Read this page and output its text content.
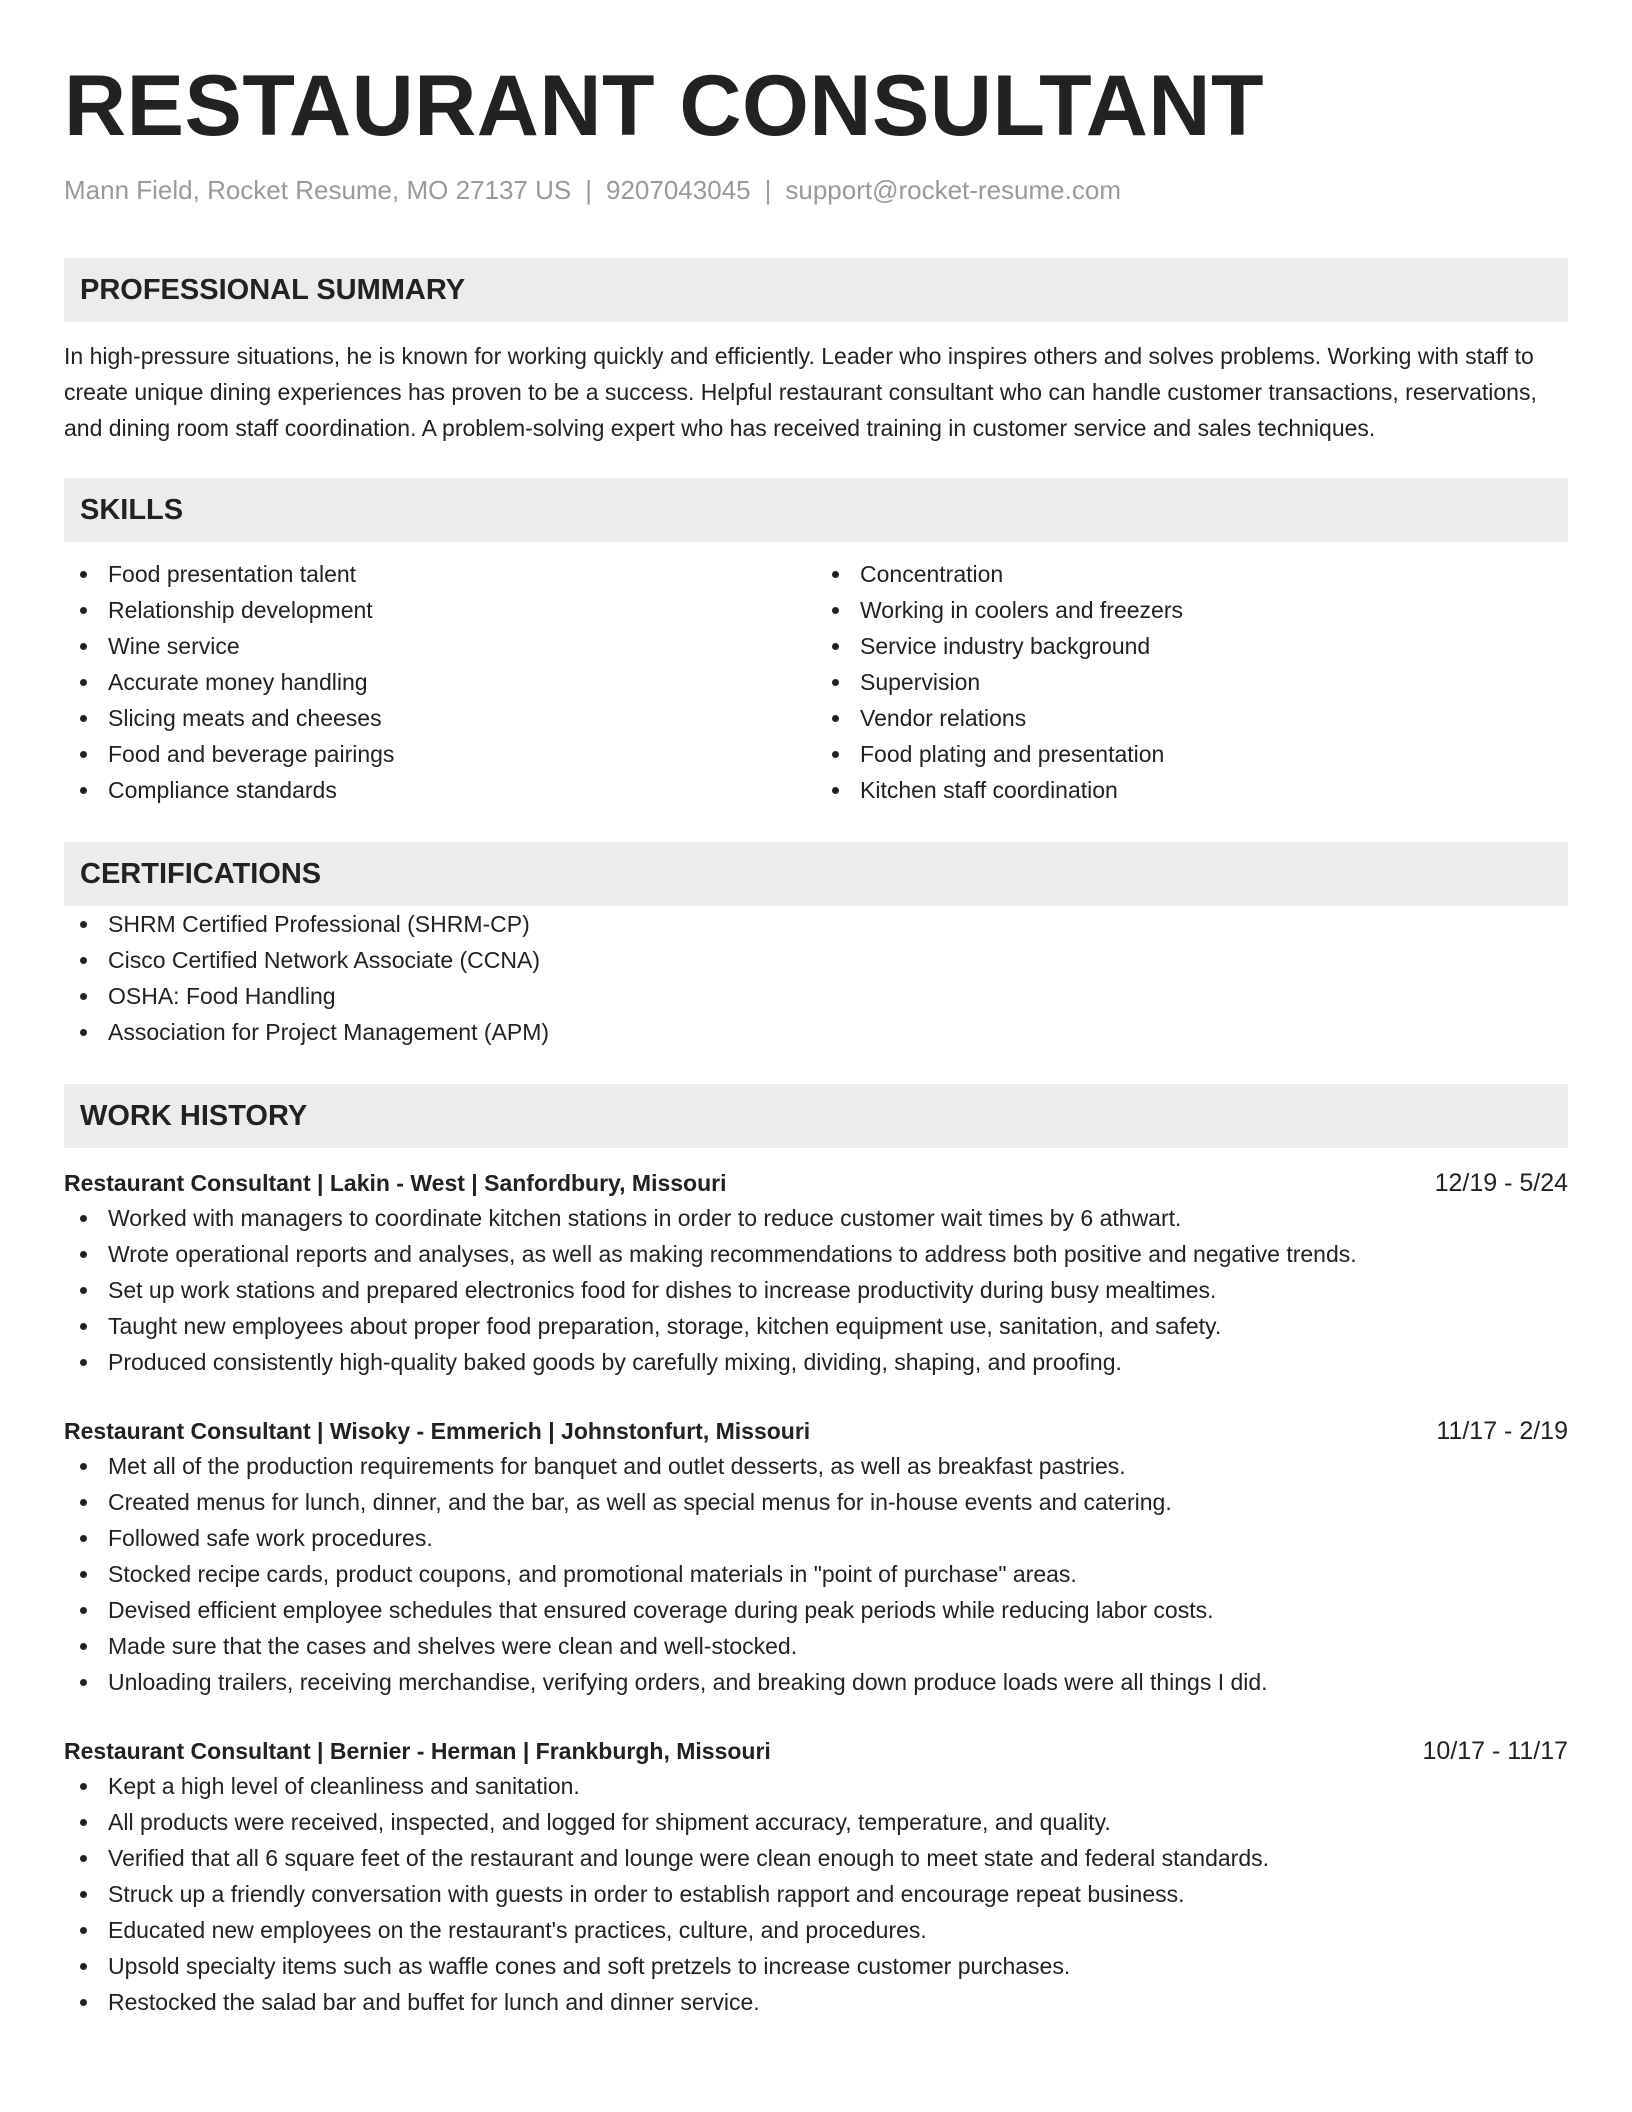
RESTAURANT CONSULTANT
Mann Field, Rocket Resume, MO 27137 US | 9207043045 | support@rocket-resume.com
PROFESSIONAL SUMMARY

In high-pressure situations, he is known for working quickly and efficiently. Leader who inspires others and solves problems. Working with staff to create unique dining experiences has proven to be a success. Helpful restaurant consultant who can handle customer transactions, reservations, and dining room staff coordination. A problem-solving expert who has received training in customer service and sales techniques.

SKILLS
Food presentation talent
Relationship development
Wine service
Accurate money handling
Slicing meats and cheeses
Food and beverage pairings
Compliance standards
Concentration
Working in coolers and freezers
Service industry background
Supervision
Vendor relations
Food plating and presentation
Kitchen staff coordination
CERTIFICATIONS
SHRM Certified Professional (SHRM-CP)
Cisco Certified Network Associate (CCNA)
OSHA: Food Handling
Association for Project Management (APM)
WORK HISTORY
Restaurant Consultant | Lakin - West | Sanfordbury, Missouri	12/19 - 5/24
Worked with managers to coordinate kitchen stations in order to reduce customer wait times by 6 athwart.
Wrote operational reports and analyses, as well as making recommendations to address both positive and negative trends.
Set up work stations and prepared electronics food for dishes to increase productivity during busy mealtimes.
Taught new employees about proper food preparation, storage, kitchen equipment use, sanitation, and safety.
Produced consistently high-quality baked goods by carefully mixing, dividing, shaping, and proofing.
Restaurant Consultant | Wisoky - Emmerich | Johnstonfurt, Missouri	11/17 - 2/19
Met all of the production requirements for banquet and outlet desserts, as well as breakfast pastries.
Created menus for lunch, dinner, and the bar, as well as special menus for in-house events and catering.
Followed safe work procedures.
Stocked recipe cards, product coupons, and promotional materials in "point of purchase" areas.
Devised efficient employee schedules that ensured coverage during peak periods while reducing labor costs.
Made sure that the cases and shelves were clean and well-stocked.
Unloading trailers, receiving merchandise, verifying orders, and breaking down produce loads were all things I did.
Restaurant Consultant | Bernier - Herman | Frankburgh, Missouri	10/17 - 11/17
Kept a high level of cleanliness and sanitation.
All products were received, inspected, and logged for shipment accuracy, temperature, and quality.
Verified that all 6 square feet of the restaurant and lounge were clean enough to meet state and federal standards.
Struck up a friendly conversation with guests in order to establish rapport and encourage repeat business.
Educated new employees on the restaurant's practices, culture, and procedures.
Upsold specialty items such as waffle cones and soft pretzels to increase customer purchases.
Restocked the salad bar and buffet for lunch and dinner service.
